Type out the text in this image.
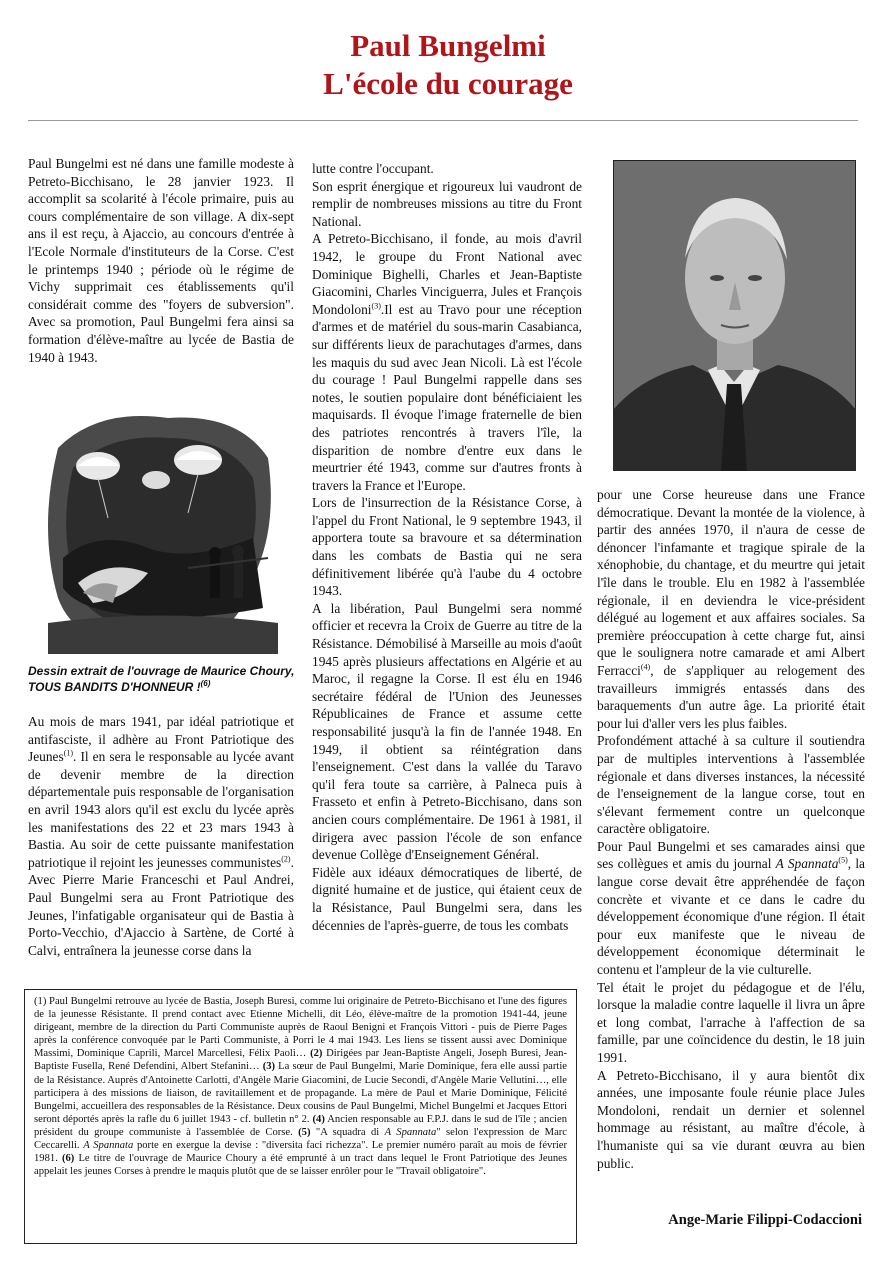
Paul Bungelmi
L'école du courage

Paul Bungelmi est né dans une famille modeste à Petreto-Bicchisano, le 28 janvier 1923. Il accomplit sa scolarité à l'école primaire, puis au cours complémentaire de son village. A dix-sept ans il est reçu, à Ajaccio, au concours d'entrée à l'Ecole Normale d'instituteurs de la Corse. C'est le printemps 1940 ; période où le régime de Vichy supprimait ces établissements qu'il considérait comme des "foyers de subversion". Avec sa promotion, Paul Bungelmi fera ainsi sa formation d'élève-maître au lycée de Bastia de 1940 à 1943.

Dessin extrait de l'ouvrage de Maurice Choury, TOUS BANDITS D'HONNEUR !$^{(6)}$

Au mois de mars 1941, par idéal patriotique et antifasciste, il adhère au Front Patriotique des Jeunes$^{(1)}$. Il en sera le responsable au lycée avant de devenir membre de la direction départementale puis responsable de l'organisation en avril 1943 alors qu'il est exclu du lycée après les manifestations des 22 et 23 mars 1943 à Bastia. Au soir de cette puissante manifestation patriotique il rejoint les jeunesses communistes$^{(2)}$.

Avec Pierre Marie Franceschi et Paul Andrei, Paul Bungelmi sera au Front Patriotique des Jeunes, l'infatigable organisateur qui de Bastia à Porto-Vecchio, d'Ajaccio à Sartène, de Corté à Calvi, entraînera la jeunesse corse dans la

lutte contre l'occupant.

Son esprit énergique et rigoureux lui vaudront de remplir de nombreuses missions au titre du Front National.

A Petreto-Bicchisano, il fonde, au mois d'avril 1942, le groupe du Front National avec Dominique Bighelli, Charles et Jean-Baptiste Giacomini, Charles Vinciguerra, Jules et François Mondoloni$^{(3)}$.Il est au Travo pour une réception d'armes et de matériel du sous-marin Casabianca, sur différents lieux de parachutages d'armes, dans les maquis du sud avec Jean Nicoli. Là est l'école du courage ! Paul Bungelmi rappelle dans ses notes, le soutien populaire dont bénéficiaient les maquisards. Il évoque l'image fraternelle de bien des patriotes rencontrés à travers l'île, la disparition de nombre d'entre eux dans le meurtrier été 1943, comme sur d'autres fronts à travers la France et l'Europe.

Lors de l'insurrection de la Résistance Corse, à l'appel du Front National, le 9 septembre 1943, il apportera toute sa bravoure et sa détermination dans les combats de Bastia qui ne sera définitivement libérée qu'à l'aube du 4 octobre 1943.

A la libération, Paul Bungelmi sera nommé officier et recevra la Croix de Guerre au titre de la Résistance. Démobilisé à Marseille au mois d'août 1945 après plusieurs affectations en Algérie et au Maroc, il regagne la Corse. Il est élu en 1946 secrétaire fédéral de l'Union des Jeunesses Républicaines de France et assume cette responsabilité jusqu'à la fin de l'année 1948. En 1949, il obtient sa réintégration dans l'enseignement. C'est dans la vallée du Taravo qu'il fera toute sa carrière, à Palneca puis à Frasseto et enfin à Petreto-Bicchisano, dans son ancien cours complémentaire. De 1961 à 1981, il dirigera avec passion l'école de son enfance devenue Collège d'Enseignement Général.

Fidèle aux idéaux démocratiques de liberté, de dignité humaine et de justice, qui étaient ceux de la Résistance, Paul Bungelmi sera, dans les décennies de l'après-guerre, de tous les combats

pour une Corse heureuse dans une France démocratique. Devant la montée de la violence, à partir des années 1970, il n'aura de cesse de dénoncer l'infamante et tragique spirale de la xénophobie, du chantage, et du meurtre qui jetait l'île dans le trouble. Elu en 1982 à l'assemblée régionale, il en deviendra le vice-président délégué au logement et aux affaires sociales. Sa première préoccupation à cette charge fut, ainsi que le soulignera notre camarade et ami Albert Ferracci$^{(4)}$, de s'appliquer au relogement des travailleurs immigrés entassés dans des baraquements d'un autre âge. La priorité était pour lui d'aller vers les plus faibles.

Profondément attaché à sa culture il soutiendra par de multiples interventions à l'assemblée régionale et dans diverses instances, la nécessité de l'enseignement de la langue corse, tout en s'élevant fermement contre un quelconque caractère obligatoire.

Pour Paul Bungelmi et ses camarades ainsi que ses collègues et amis du journal A Spannata$^{(5)}$, la langue corse devait être appréhendée de façon concrète et vivante et ce dans le cadre du développement économique d'une région. Il était pour eux manifeste que le niveau de développement économique déterminait le contenu et l'ampleur de la vie culturelle.

Tel était le projet du pédagogue et de l'élu, lorsque la maladie contre laquelle il livra un âpre et long combat, l'arrache à l'affection de sa famille, par une coïncidence du destin, le 18 juin 1991.

A Petreto-Bicchisano, il y aura bientôt dix années, une imposante foule réunie place Jules Mondoloni, rendait un dernier et solennel hommage au résistant, au maître d'école, à l'humaniste qui sa vie durant œuvra au bien public.

(1) Paul Bungelmi retrouve au lycée de Bastia, Joseph Buresi, comme lui originaire de Petreto-Bicchisano et l'une des figures de la jeunesse Résistante. Il prend contact avec Etienne Michelli, dit Léo, élève-maître de la promotion 1941-44, jeune dirigeant, membre de la direction du Parti Communiste auprès de Raoul Benigni et François Vittori - puis de Pierre Pages après la conférence convoquée par le Parti Communiste, à Porri le 4 mai 1943. Les liens se tissent aussi avec Dominique Massimi, Dominique Caprili, Marcel Marcellesi, Félix Paoli… (2) Dirigées par Jean-Baptiste Angeli, Joseph Buresi, Jean-Baptiste Fusella, René Defendini, Albert Stefanini… (3) La sœur de Paul Bungelmi, Marie Dominique, fera elle aussi partie de la Résistance. Auprès d'Antoinette Carlotti, d'Angèle Marie Giacomini, de Lucie Secondi, d'Angèle Marie Vellutini…, elle participera à des missions de liaison, de ravitaillement et de propagande. La mère de Paul et Marie Dominique, Félicité Bungelmi, accueillera des responsables de la Résistance. Deux cousins de Paul Bungelmi, Michel Bungelmi et Jacques Ettori seront déportés après la rafle du 6 juillet 1943 - cf. bulletin n° 2. (4) Ancien responsable au F.P.J. dans le sud de l'île ; ancien président du groupe communiste à l'assemblée de Corse. (5) "A squadra di A Spannata" selon l'expression de Marc Ceccarelli. A Spannata porte en exergue la devise : "diversita faci richezza". Le premier numéro paraît au mois de février 1981. (6) Le titre de l'ouvrage de Maurice Choury a été emprunté à un tract dans lequel le Front Patriotique des Jeunes appelait les jeunes Corses à prendre le maquis plutôt que de se laisser enrôler pour le "Travail obligatoire".
Ange-Marie Filippi-Codaccioni
